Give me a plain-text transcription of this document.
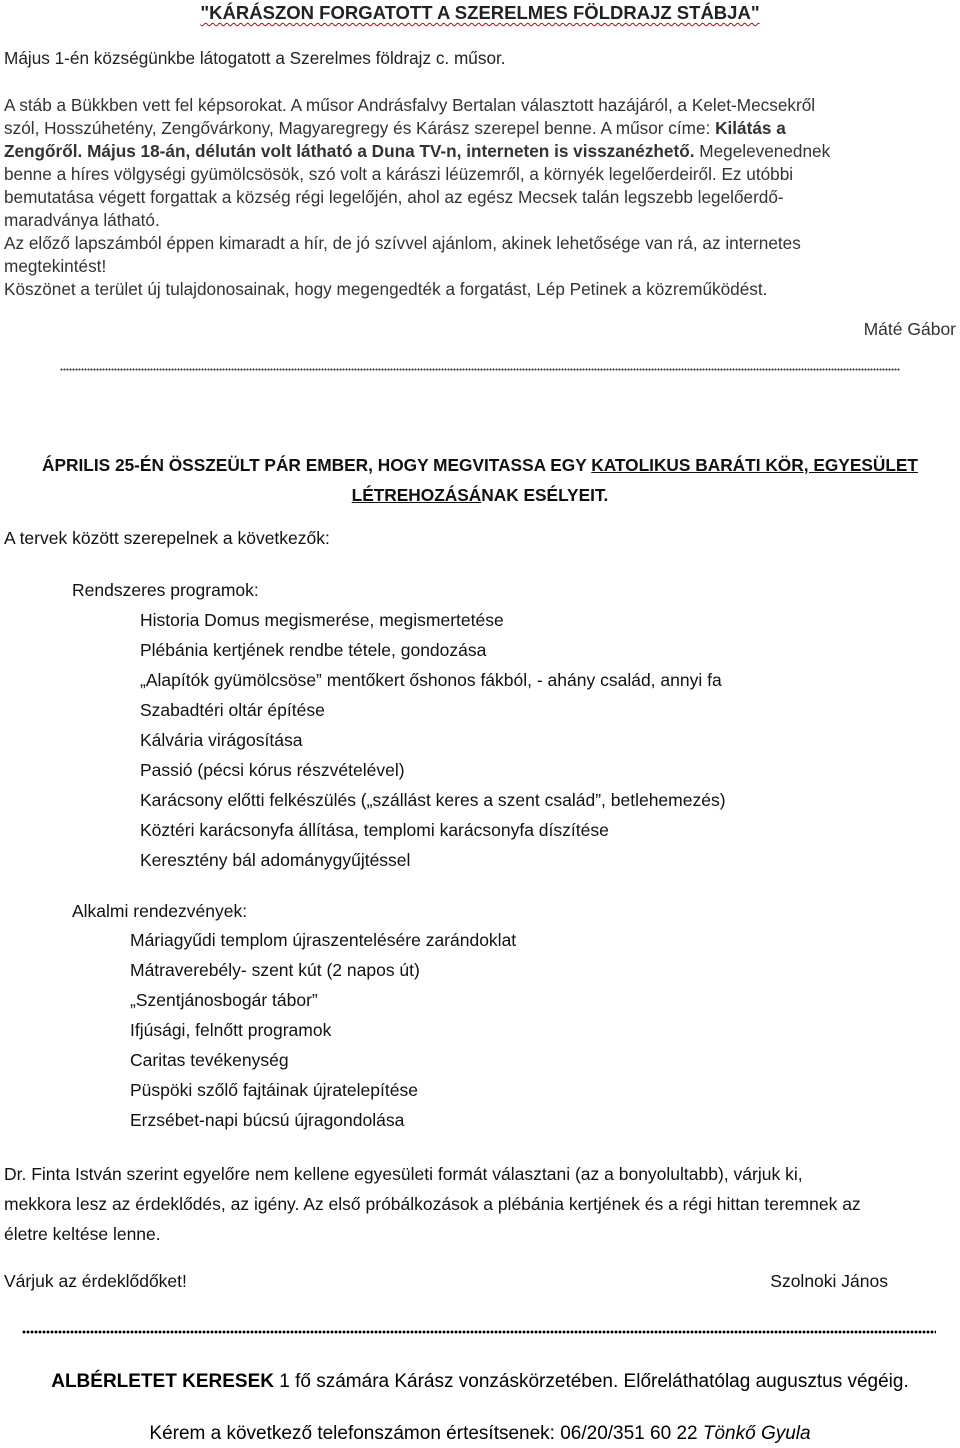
"KÁRÁSZON FORGATOTT A SZERELMES FÖLDRAJZ STÁBJA"
Május 1-én községünkbe látogatott a Szerelmes földrajz c. műsor.

A stáb a Bükkben vett fel képsorokat. A műsor Andrásfalvy Bertalan választott hazájáról, a Kelet-Mecsekről

szól, Hosszúhetény, Zengővárkony, Magyaregregy és Kárász szerepel benne. A műsor címe: Kilátás a

Zengőről. Május 18-án, délután volt látható a Duna TV-n, interneten is visszanézhető. Megelevenednek

benne a híres völgységi gyümölcsösök, szó volt a kárászi léüzemről, a környék legelőerdeiről. Ez utóbbi

bemutatása végett forgattak a község régi legelőjén, ahol az egész Mecsek talán legszebb legelőerdő-

maradványa látható.

Az előző lapszámból éppen kimaradt a hír, de jó szívvel ajánlom, akinek lehetősége van rá, az internetes

megtekintést!

Köszönet a terület új tulajdonosainak, hogy megengedték a forgatást, Lép Petinek a közreműködést.

Máté Gábor
ÁPRILIS 25-ÉN ÖSSZEÜLT PÁR EMBER, HOGY MEGVITASSA EGY KATOLIKUS BARÁTI KÖR, EGYESÜLET
LÉTREHOZÁSÁNAK ESÉLYEIT.
A tervek között szerepelnek a következők:
Rendszeres programok:
Historia Domus megismerése, megismertetése
Plébánia kertjének rendbe tétele, gondozása
„Alapítók gyümölcsöse” mentőkert őshonos fákból, - ahány család, annyi fa
Szabadtéri oltár építése
Kálvária virágosítása
Passió (pécsi kórus részvételével)
Karácsony előtti felkészülés („szállást keres a szent család”, betlehemezés)
Köztéri karácsonyfa állítása, templomi karácsonyfa díszítése
Keresztény bál adománygyűjtéssel
Alkalmi rendezvények:
Máriagyűdi templom újraszentelésére zarándoklat
Mátraverebély- szent kút (2 napos út)
„Szentjánosbogár tábor”
Ifjúsági, felnőtt programok
Caritas tevékenység
Püspöki szőlő fajtáinak újratelepítése
Erzsébet-napi búcsú újragondolása

Dr. Finta István szerint egyelőre nem kellene egyesületi formát választani (az a bonyolultabb), várjuk ki,

mekkora lesz az érdeklődés, az igény. Az első próbálkozások a plébánia kertjének és a régi hittan teremnek az

életre keltése lenne.

Várjuk az érdeklődőket!	Szolnoki János
ALBÉRLETET KERESEK 1 fő számára Kárász vonzáskörzetében. Előreláthatólag augusztus végéig.
Kérem a következő telefonszámon értesítsenek: 06/20/351 60 22 Tönkő Gyula
